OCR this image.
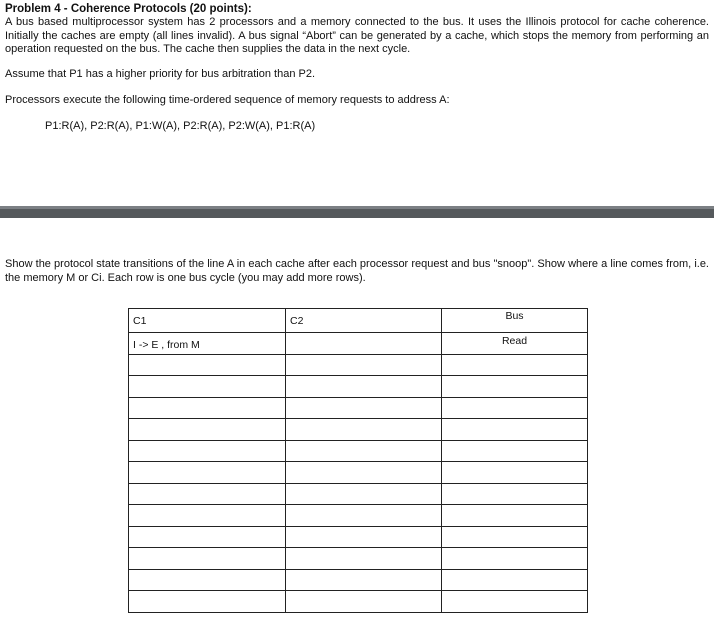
Problem 4 - Coherence Protocols (20 points):
A bus based multiprocessor system has 2 processors and a memory connected to the bus. It uses the Illinois protocol for cache coherence. Initially the caches are empty (all lines invalid). A bus signal “Abort” can be generated by a cache, which stops the memory from performing an operation requested on the bus. The cache then supplies the data in the next cycle.
Assume that P1 has a higher priority for bus arbitration than P2.
Processors execute the following time-ordered sequence of memory requests to address A:
P1:R(A), P2:R(A), P1:W(A), P2:R(A), P2:W(A), P1:R(A)
Show the protocol state transitions of the line A in each cache after each processor request and bus "snoop". Show where a line comes from, i.e. the memory M or Ci. Each row is one bus cycle (you may add more rows).
C1	C2	Bus

I -> E , from M		Read
